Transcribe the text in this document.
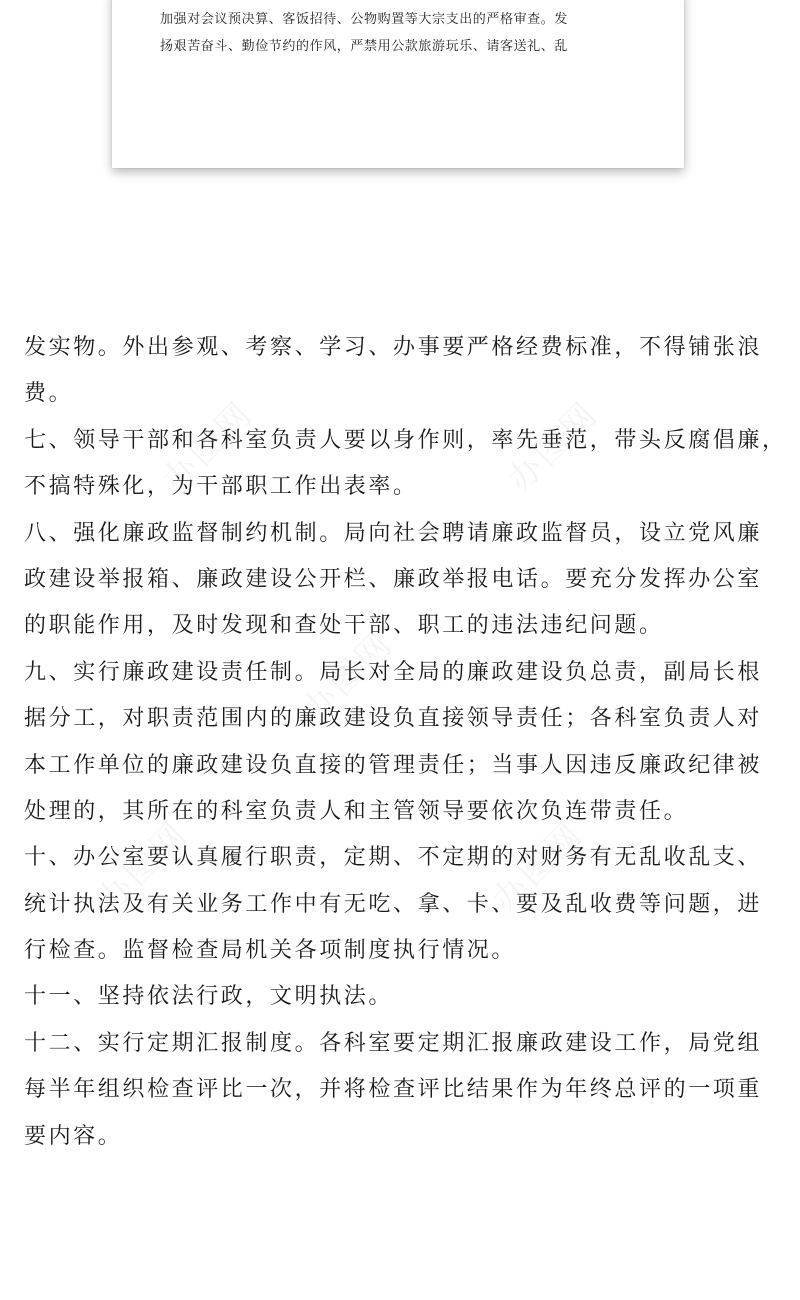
加强对会议预决算、客饭招待、公物购置等大宗支出的严格审查。发
扬艰苦奋斗、勤俭节约的作风，严禁用公款旅游玩乐、请客送礼、乱
发实物。外出参观、考察、学习、办事要严格经费标准，不得铺张浪
费。
七、领导干部和各科室负责人要以身作则，率先垂范，带头反腐倡廉，
不搞特殊化，为干部职工作出表率。
八、强化廉政监督制约机制。局向社会聘请廉政监督员，设立党风廉
政建设举报箱、廉政建设公开栏、廉政举报电话。要充分发挥办公室
的职能作用，及时发现和查处干部、职工的违法违纪问题。
九、实行廉政建设责任制。局长对全局的廉政建设负总责，副局长根
据分工，对职责范围内的廉政建设负直接领导责任；各科室负责人对
本工作单位的廉政建设负直接的管理责任；当事人因违反廉政纪律被
处理的，其所在的科室负责人和主管领导要依次负连带责任。
十、办公室要认真履行职责，定期、不定期的对财务有无乱收乱支、
统计执法及有关业务工作中有无吃、拿、卡、要及乱收费等问题，进
行检查。监督检查局机关各项制度执行情况。
十一、坚持依法行政，文明执法。
十二、实行定期汇报制度。各科室要定期汇报廉政建设工作，局党组
每半年组织检查评比一次，并将检查评比结果作为年终总评的一项重
要内容。
办图网	办图网
办图网
办图网	办图网
